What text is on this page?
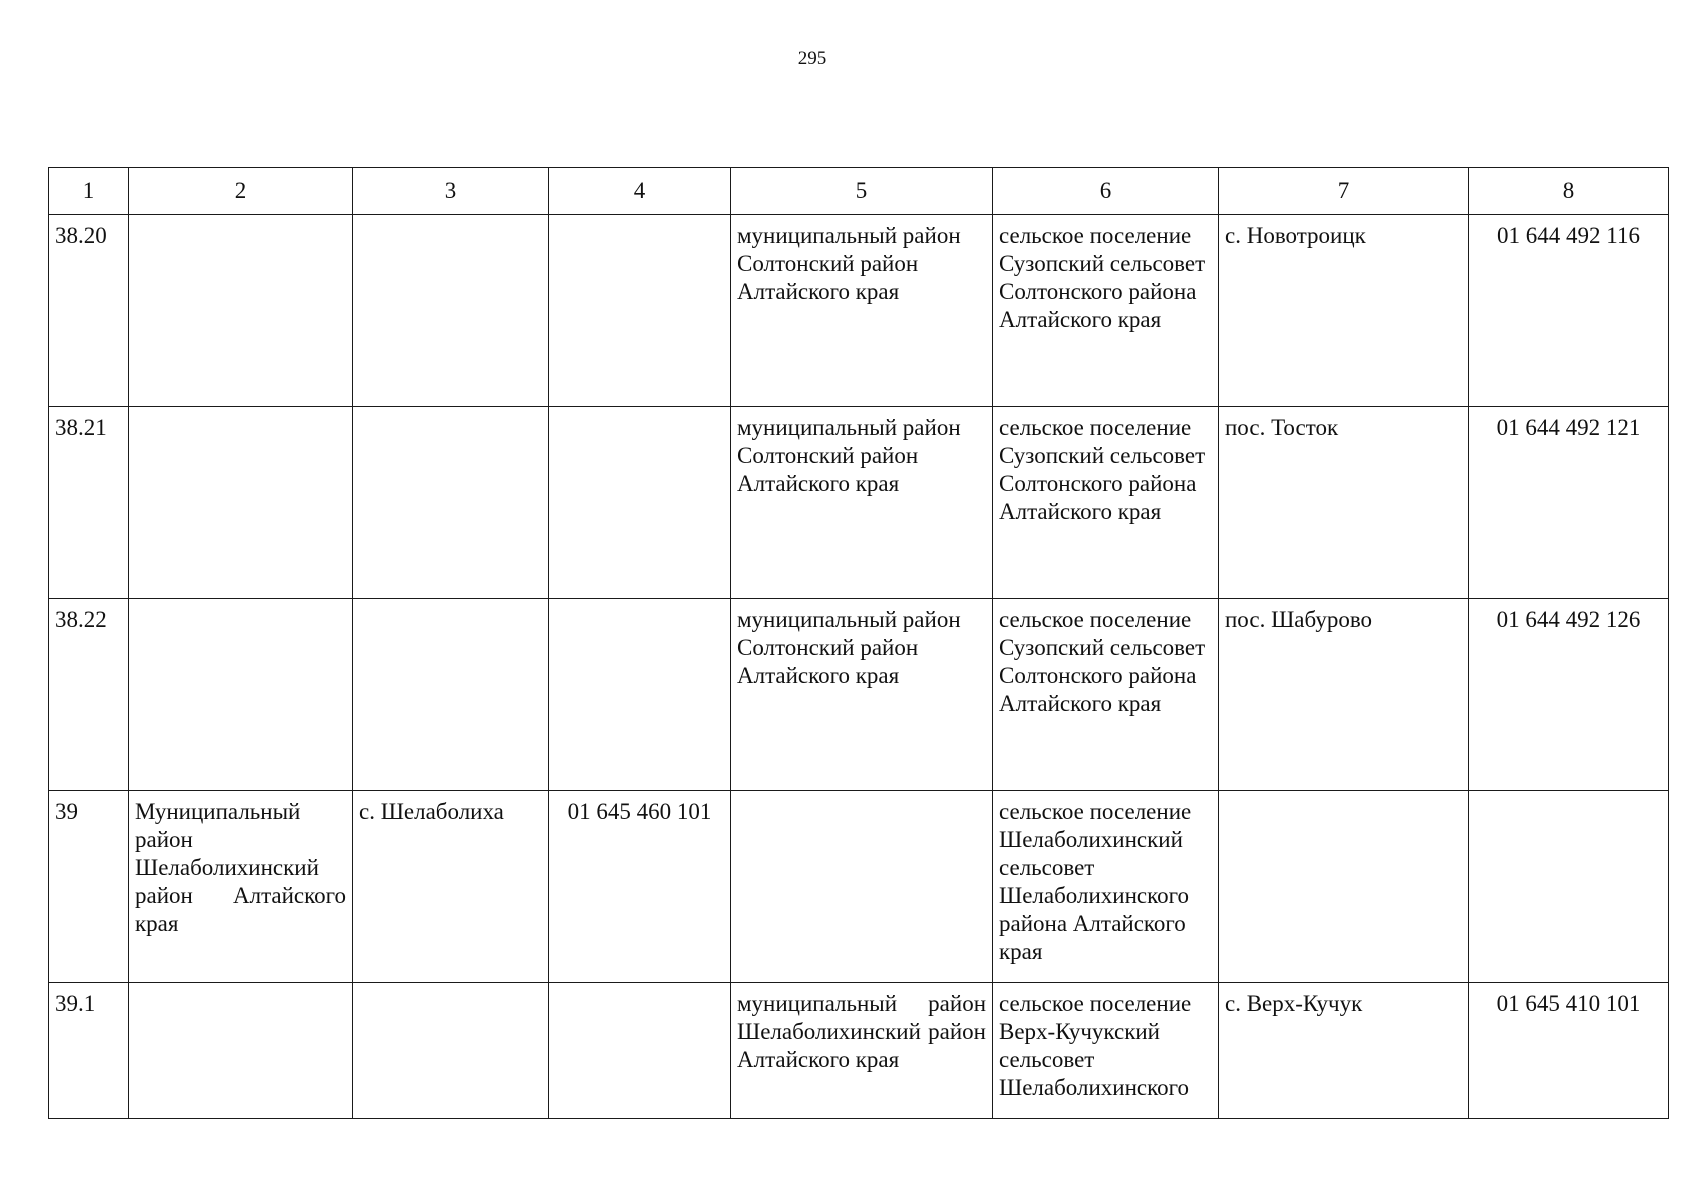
295
1	2	3	4	5	6	7	8
38.20				муниципальный район Солтонский район Алтайского края	сельское поселение Сузопский сельсовет Солтонского района Алтайского края	с. Новотроицк	01 644 492 116
38.21				муниципальный район Солтонский район Алтайского края	сельское поселение Сузопский сельсовет Солтонского района Алтайского края	пос. Тосток	01 644 492 121
38.22				муниципальный район Солтонский район Алтайского края	сельское поселение Сузопский сельсовет Солтонского района Алтайского края	пос. Шабурово	01 644 492 126
39	Муниципальный район Шелаболихинский район Алтайского края	с. Шелаболиха	01 645 460 101		сельское поселение Шелаболихинский сельсовет Шелаболихинского района Алтайского края		
39.1				муниципальный район Шелаболихинский район Алтайского края	сельское поселение Верх-Кучукский сельсовет Шелаболихинского	с. Верх-Кучук	01 645 410 101
